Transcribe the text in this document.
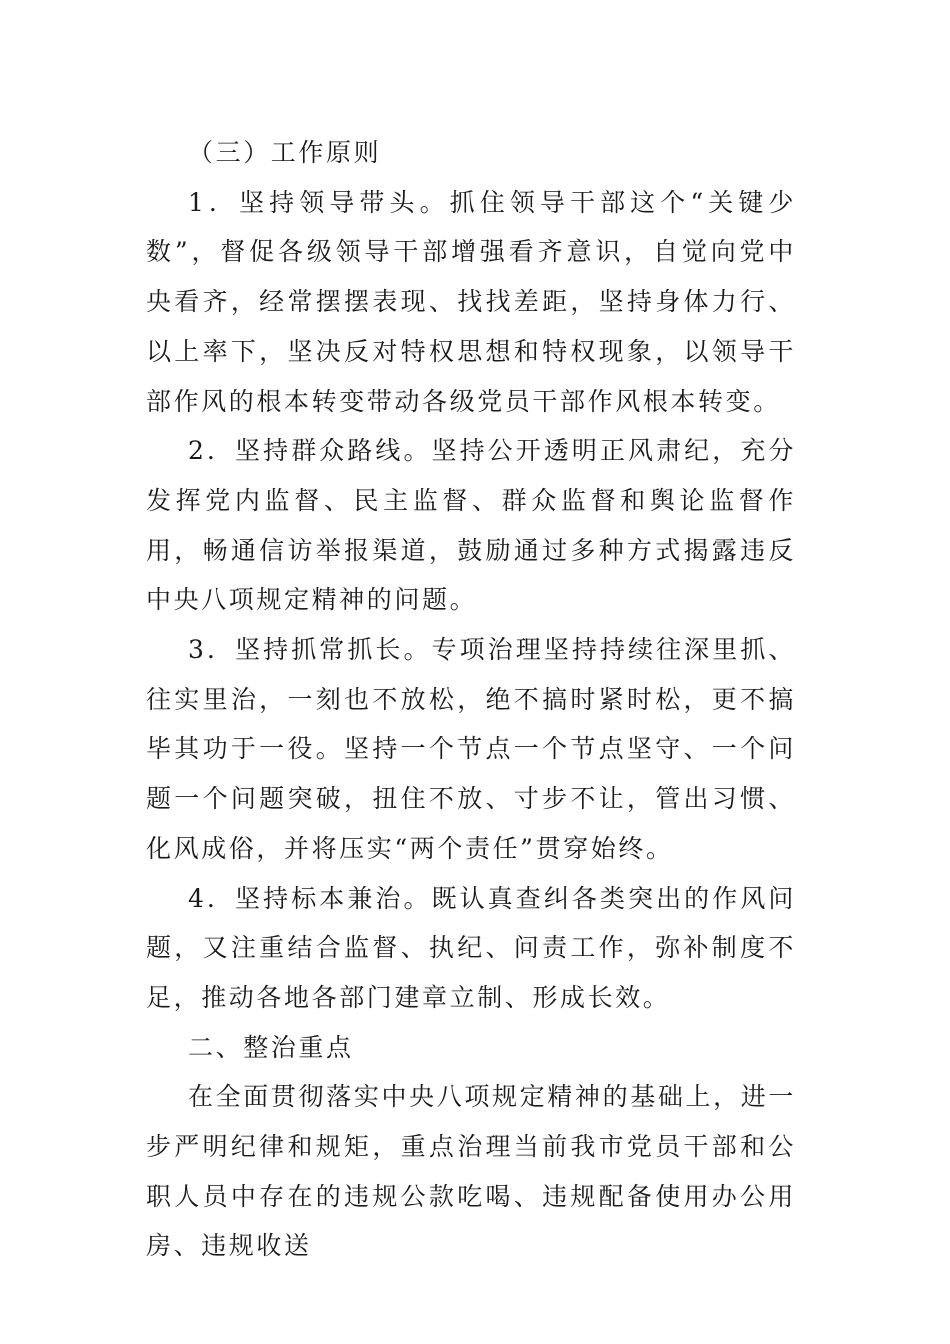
（三）工作原则

1．坚持领导带头。抓住领导干部这个“关键少数”，督促各级领导干部增强看齐意识，自觉向党中央看齐，经常摆摆表现、找找差距，坚持身体力行、以上率下，坚决反对特权思想和特权现象，以领导干部作风的根本转变带动各级党员干部作风根本转变。

2．坚持群众路线。坚持公开透明正风肃纪，充分发挥党内监督、民主监督、群众监督和舆论监督作用，畅通信访举报渠道，鼓励通过多种方式揭露违反中央八项规定精神的问题。

3．坚持抓常抓长。专项治理坚持持续往深里抓、往实里治，一刻也不放松，绝不搞时紧时松，更不搞毕其功于一役。坚持一个节点一个节点坚守、一个问题一个问题突破，扭住不放、寸步不让，管出习惯、化风成俗，并将压实“两个责任”贯穿始终。

4．坚持标本兼治。既认真查纠各类突出的作风问题，又注重结合监督、执纪、问责工作，弥补制度不足，推动各地各部门建章立制、形成长效。

二、整治重点

在全面贯彻落实中央八项规定精神的基础上，进一步严明纪律和规矩，重点治理当前我市党员干部和公职人员中存在的违规公款吃喝、违规配备使用办公用房、违规收送
